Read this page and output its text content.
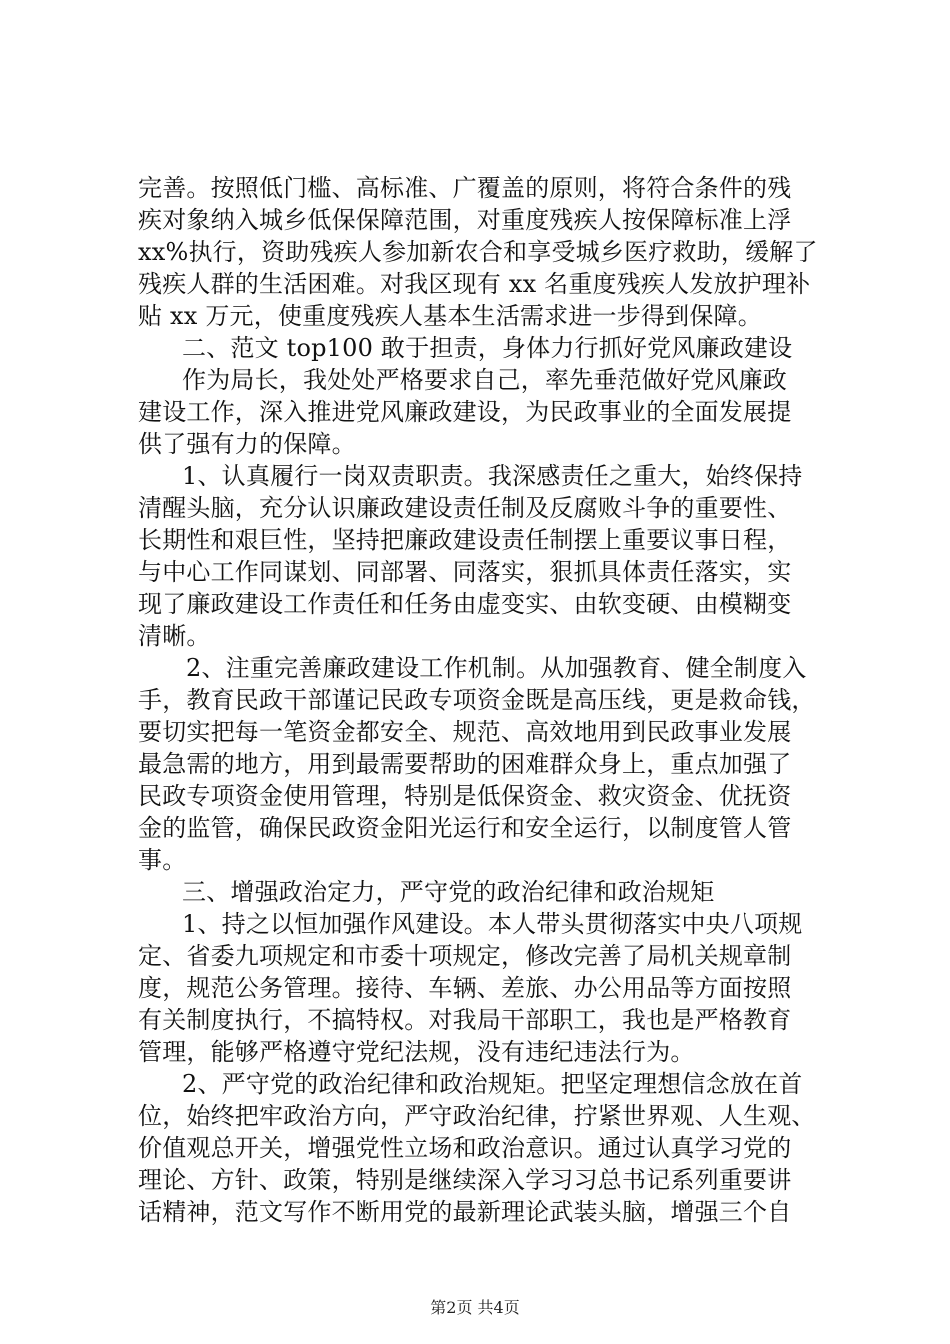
完善。按照低门槛、高标准、广覆盖的原则，将符合条件的残
疾对象纳入城乡低保保障范围，对重度残疾人按保障标准上浮
xx%执行，资助残疾人参加新农合和享受城乡医疗救助，缓解了
残疾人群的生活困难。对我区现有 xx 名重度残疾人发放护理补
贴 xx 万元，使重度残疾人基本生活需求进一步得到保障。
二、范文 top100 敢于担责，身体力行抓好党风廉政建设
作为局长，我处处严格要求自己，率先垂范做好党风廉政
建设工作，深入推进党风廉政建设，为民政事业的全面发展提
供了强有力的保障。
1、认真履行一岗双责职责。我深感责任之重大，始终保持
清醒头脑，充分认识廉政建设责任制及反腐败斗争的重要性、
长期性和艰巨性，坚持把廉政建设责任制摆上重要议事日程，
与中心工作同谋划、同部署、同落实，狠抓具体责任落实，实
现了廉政建设工作责任和任务由虚变实、由软变硬、由模糊变
清晰。
2、注重完善廉政建设工作机制。从加强教育、健全制度入
手，教育民政干部谨记民政专项资金既是高压线，更是救命钱，
要切实把每一笔资金都安全、规范、高效地用到民政事业发展
最急需的地方，用到最需要帮助的困难群众身上，重点加强了
民政专项资金使用管理，特别是低保资金、救灾资金、优抚资
金的监管，确保民政资金阳光运行和安全运行，以制度管人管
事。
三、增强政治定力，严守党的政治纪律和政治规矩
1、持之以恒加强作风建设。本人带头贯彻落实中央八项规
定、省委九项规定和市委十项规定，修改完善了局机关规章制
度，规范公务管理。接待、车辆、差旅、办公用品等方面按照
有关制度执行，不搞特权。对我局干部职工，我也是严格教育
管理，能够严格遵守党纪法规，没有违纪违法行为。
2、严守党的政治纪律和政治规矩。把坚定理想信念放在首
位，始终把牢政治方向，严守政治纪律，拧紧世界观、人生观、
价值观总开关，增强党性立场和政治意识。通过认真学习党的
理论、方针、政策，特别是继续深入学习习总书记系列重要讲
话精神，范文写作不断用党的最新理论武装头脑，增强三个自
第2页 共4页
